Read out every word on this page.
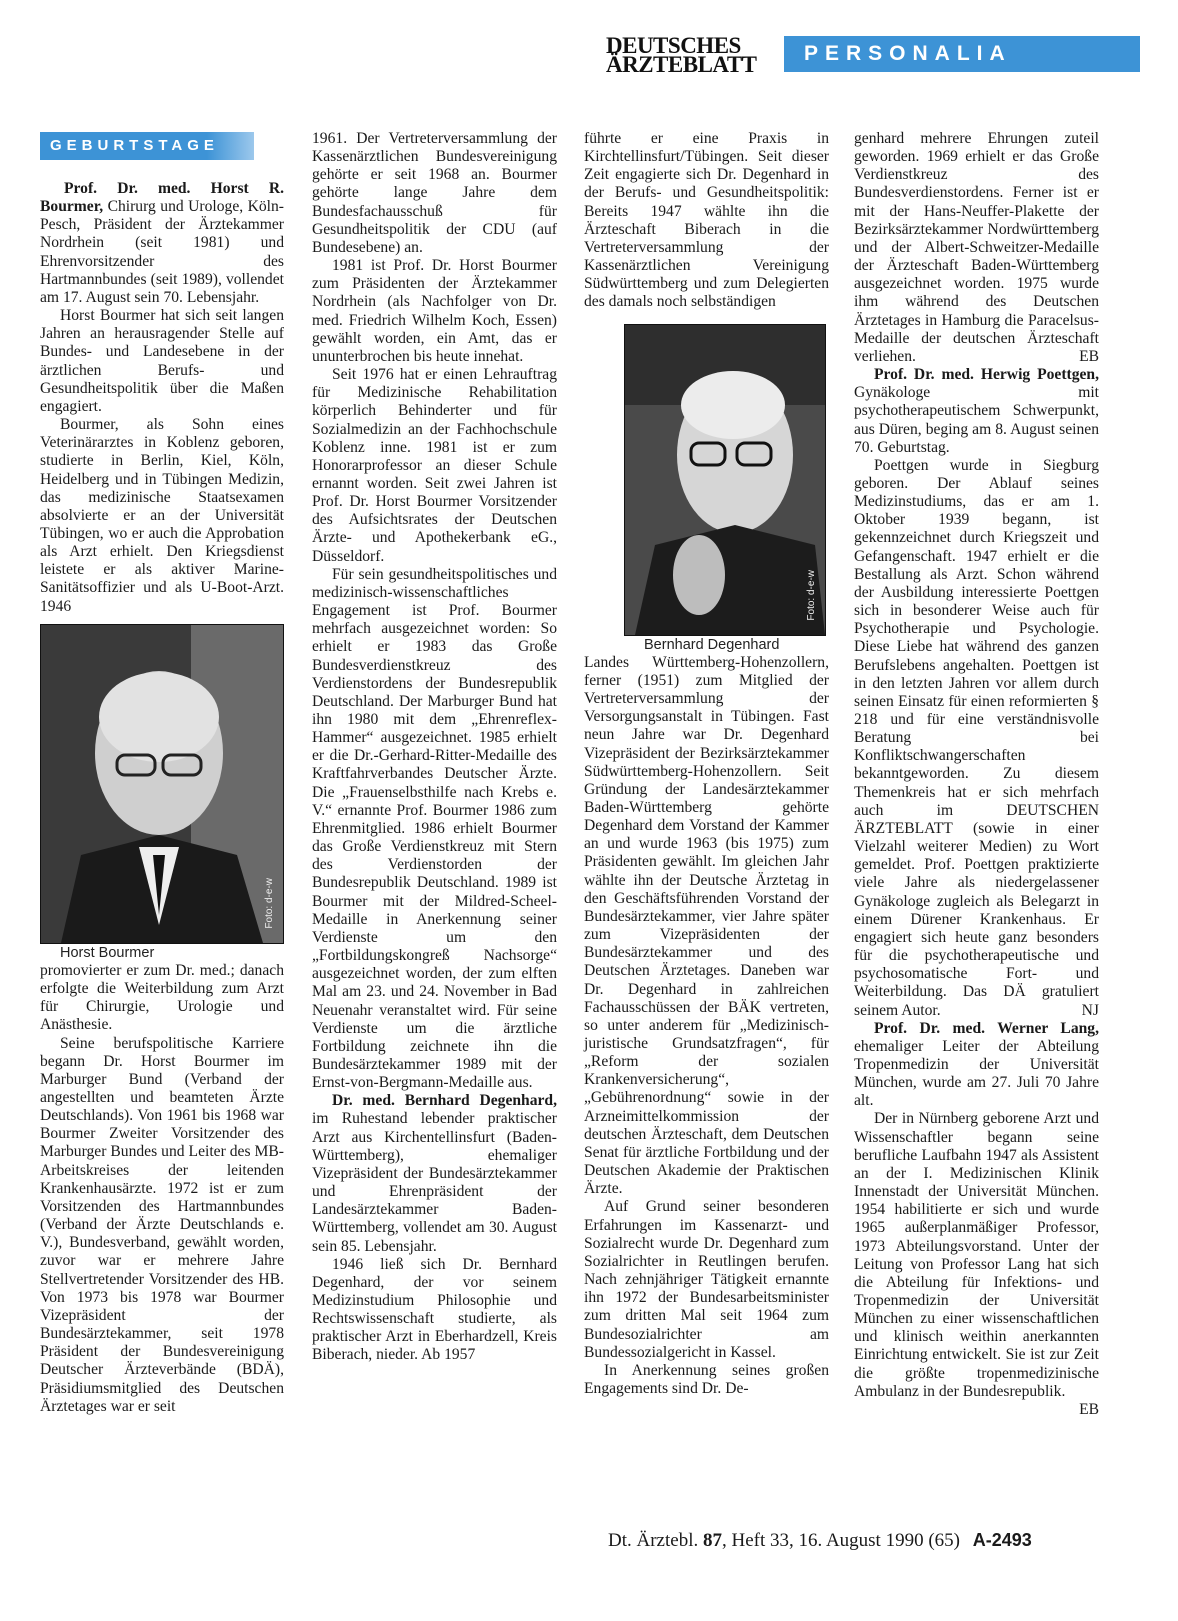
DEUTSCHES
ÄRZTEBLATT	PERSONALIA
GEBURTSTAGE

Prof. Dr. med. Horst R. Bourmer, Chirurg und Urologe, Köln-Pesch, Präsident der Ärztekammer Nordrhein (seit 1981) und Ehrenvorsitzender des Hartmannbundes (seit 1989), vollendet am 17. August sein 70. Lebensjahr.

Horst Bourmer hat sich seit langen Jahren an herausragender Stelle auf Bundes- und Landesebene in der ärztlichen Berufs- und Gesundheitspolitik über die Maßen engagiert.

Bourmer, als Sohn eines Veterinärarztes in Koblenz geboren, studierte in Berlin, Kiel, Köln, Heidelberg und in Tübingen Medizin, das medizinische Staatsexamen absolvierte er an der Universität Tübingen, wo er auch die Approbation als Arzt erhielt. Den Kriegsdienst leistete er als aktiver Marine-Sanitätsoffizier und als U-Boot-Arzt. 1946

Foto: d-e-w

Horst Bourmer

promovierter er zum Dr. med.; danach erfolgte die Weiterbildung zum Arzt für Chirurgie, Urologie und Anästhesie.

Seine berufspolitische Karriere begann Dr. Horst Bourmer im Marburger Bund (Verband der angestellten und beamteten Ärzte Deutschlands). Von 1961 bis 1968 war Bourmer Zweiter Vorsitzender des Marburger Bundes und Leiter des MB-Arbeitskreises der leitenden Krankenhausärzte. 1972 ist er zum Vorsitzenden des Hartmannbundes (Verband der Ärzte Deutschlands e. V.), Bundesverband, gewählt worden, zuvor war er mehrere Jahre Stellvertretender Vorsitzender des HB. Von 1973 bis 1978 war Bourmer Vizepräsident der Bundesärztekammer, seit 1978 Präsident der Bundesvereinigung Deutscher Ärzteverbände (BDÄ), Präsidiumsmitglied des Deutschen Ärztetages war er seit

1961. Der Vertreterversammlung der Kassenärztlichen Bundesvereinigung gehörte er seit 1968 an. Bourmer gehörte lange Jahre dem Bundesfachausschuß für Gesundheitspolitik der CDU (auf Bundesebene) an.

1981 ist Prof. Dr. Horst Bourmer zum Präsidenten der Ärztekammer Nordrhein (als Nachfolger von Dr. med. Friedrich Wilhelm Koch, Essen) gewählt worden, ein Amt, das er ununterbrochen bis heute innehat.

Seit 1976 hat er einen Lehrauftrag für Medizinische Rehabilitation körperlich Behinderter und für Sozialmedizin an der Fachhochschule Koblenz inne. 1981 ist er zum Honorarprofessor an dieser Schule ernannt worden. Seit zwei Jahren ist Prof. Dr. Horst Bourmer Vorsitzender des Aufsichtsrates der Deutschen Ärzte- und Apothekerbank eG., Düsseldorf.

Für sein gesundheitspolitisches und medizinisch-wissenschaftliches Engagement ist Prof. Bourmer mehrfach ausgezeichnet worden: So erhielt er 1983 das Große Bundesverdienstkreuz des Verdienstordens der Bundesrepublik Deutschland. Der Marburger Bund hat ihn 1980 mit dem „Ehrenreflex-Hammer“ ausgezeichnet. 1985 erhielt er die Dr.-Gerhard-Ritter-Medaille des Kraftfahrverbandes Deutscher Ärzte. Die „Frauenselbsthilfe nach Krebs e. V.“ ernannte Prof. Bourmer 1986 zum Ehrenmitglied. 1986 erhielt Bourmer das Große Verdienstkreuz mit Stern des Verdienstorden der Bundesrepublik Deutschland. 1989 ist Bourmer mit der Mildred-Scheel-Medaille in Anerkennung seiner Verdienste um den „Fortbildungskongreß Nachsorge“ ausgezeichnet worden, der zum elften Mal am 23. und 24. November in Bad Neuenahr veranstaltet wird. Für seine Verdienste um die ärztliche Fortbildung zeichnete ihn die Bundesärztekammer 1989 mit der Ernst-von-Bergmann-Medaille aus.

Dr. med. Bernhard Degenhard, im Ruhestand lebender praktischer Arzt aus Kirchentellinsfurt (Baden-Württemberg), ehemaliger Vizepräsident der Bundesärztekammer und Ehrenpräsident der Landesärztekammer Baden-Württemberg, vollendet am 30. August sein 85. Lebensjahr.

1946 ließ sich Dr. Bernhard Degenhard, der vor seinem Medizinstudium Philosophie und Rechtswissenschaft studierte, als praktischer Arzt in Eberhardzell, Kreis Biberach, nieder. Ab 1957

führte er eine Praxis in Kirchtellinsfurt/Tübingen. Seit dieser Zeit engagierte sich Dr. Degenhard in der Berufs- und Gesundheitspolitik: Bereits 1947 wählte ihn die Ärzteschaft Biberach in die Vertreterversammlung der Kassenärztlichen Vereinigung Südwürttemberg und zum Delegierten des damals noch selbständigen

Foto: d-e-w

Bernhard Degenhard

Landes Württemberg-Hohenzollern, ferner (1951) zum Mitglied der Vertreterversammlung der Versorgungsanstalt in Tübingen. Fast neun Jahre war Dr. Degenhard Vizepräsident der Bezirksärztekammer Südwürttemberg-Hohenzollern. Seit Gründung der Landesärztekammer Baden-Württemberg gehörte Degenhard dem Vorstand der Kammer an und wurde 1963 (bis 1975) zum Präsidenten gewählt. Im gleichen Jahr wählte ihn der Deutsche Ärztetag in den Geschäftsführenden Vorstand der Bundesärztekammer, vier Jahre später zum Vizepräsidenten der Bundesärztekammer und des Deutschen Ärztetages. Daneben war Dr. Degenhard in zahlreichen Fachausschüssen der BÄK vertreten, so unter anderem für „Medizinisch-juristische Grundsatzfragen“, für „Reform der sozialen Krankenversicherung“, „Gebührenordnung“ sowie in der Arzneimittelkommission der deutschen Ärzteschaft, dem Deutschen Senat für ärztliche Fortbildung und der Deutschen Akademie der Praktischen Ärzte.

Auf Grund seiner besonderen Erfahrungen im Kassenarzt- und Sozialrecht wurde Dr. Degenhard zum Sozialrichter in Reutlingen berufen. Nach zehnjähriger Tätigkeit ernannte ihn 1972 der Bundesarbeitsminister zum dritten Mal seit 1964 zum Bundesozialrichter am Bundessozialgericht in Kassel.

In Anerkennung seines großen Engagements sind Dr. De-

genhard mehrere Ehrungen zuteil geworden. 1969 erhielt er das Große Verdienstkreuz des Bundesverdienstordens. Ferner ist er mit der Hans-Neuffer-Plakette der Bezirksärztekammer Nordwürttemberg und der Albert-Schweitzer-Medaille der Ärzteschaft Baden-Württemberg ausgezeichnet worden. 1975 wurde ihm während des Deutschen Ärztetages in Hamburg die Paracelsus-Medaille der deutschen Ärzteschaft verliehen.	EB

Prof. Dr. med. Herwig Poettgen, Gynäkologe mit psychotherapeutischem Schwerpunkt, aus Düren, beging am 8. August seinen 70. Geburtstag.

Poettgen wurde in Siegburg geboren. Der Ablauf seines Medizinstudiums, das er am 1. Oktober 1939 begann, ist gekennzeichnet durch Kriegszeit und Gefangenschaft. 1947 erhielt er die Bestallung als Arzt. Schon während der Ausbildung interessierte Poettgen sich in besonderer Weise auch für Psychotherapie und Psychologie. Diese Liebe hat während des ganzen Berufslebens angehalten. Poettgen ist in den letzten Jahren vor allem durch seinen Einsatz für einen reformierten § 218 und für eine verständnisvolle Beratung bei Konfliktschwangerschaften bekanntgeworden. Zu diesem Themenkreis hat er sich mehrfach auch im DEUTSCHEN ÄRZTEBLATT (sowie in einer Vielzahl weiterer Medien) zu Wort gemeldet. Prof. Poettgen praktizierte viele Jahre als niedergelassener Gynäkologe zugleich als Belegarzt in einem Dürener Krankenhaus. Er engagiert sich heute ganz besonders für die psychotherapeutische und psychosomatische Fort- und Weiterbildung. Das DÄ gratuliert seinem Autor.	NJ

Prof. Dr. med. Werner Lang, ehemaliger Leiter der Abteilung Tropenmedizin der Universität München, wurde am 27. Juli 70 Jahre alt.

Der in Nürnberg geborene Arzt und Wissenschaftler begann seine berufliche Laufbahn 1947 als Assistent an der I. Medizinischen Klinik Innenstadt der Universität München. 1954 habilitierte er sich und wurde 1965 außerplanmäßiger Professor, 1973 Abteilungsvorstand. Unter der Leitung von Professor Lang hat sich die Abteilung für Infektions- und Tropenmedizin der Universität München zu einer wissenschaftlichen und klinisch weithin anerkannten Einrichtung entwickelt. Sie ist zur Zeit die größte tropenmedizinische Ambulanz in der Bundesrepublik.
EB

Dt. Ärztebl. 87, Heft 33, 16. August 1990 (65) A-2493
